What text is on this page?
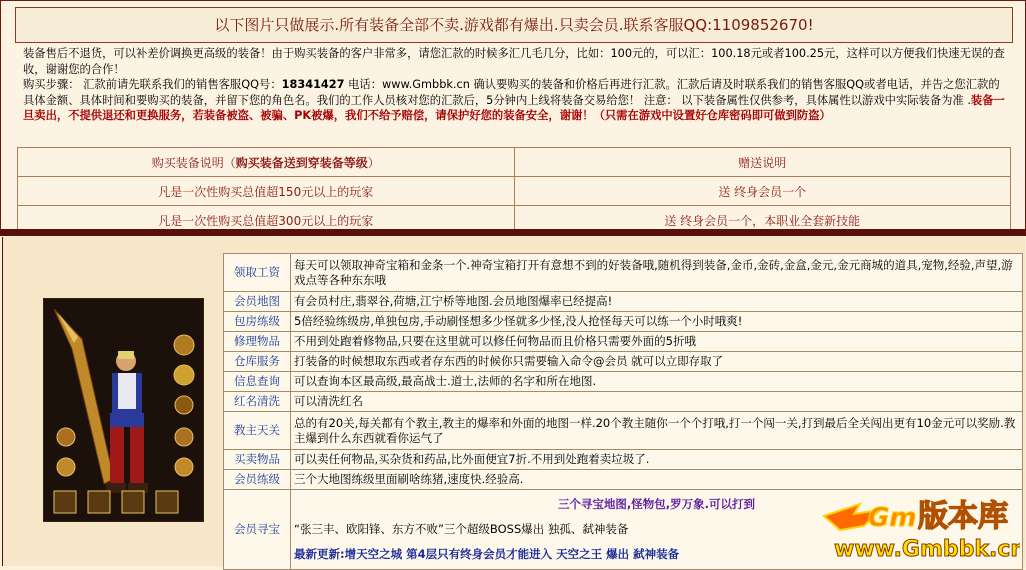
以下图片只做展示.所有装备全部不卖.游戏都有爆出.只卖会员.联系客服QQ:1109852670!
装备售后不退货，可以补差价调换更高级的装备！由于购买装备的客户非常多，请您汇款的时候多汇几毛几分，比如：100元的，可以汇：100.18元或者100.25元，这样可以方便我们快速无误的查收，谢谢您的合作！
购买步骤： 汇款前请先联系我们的销售客服QQ号：18341427 电话：www.Gmbbk.cn 确认要购买的装备和价格后再进行汇款。汇款后请及时联系我们的销售客服QQ或者电话，并告之您汇款的具体金额、具体时间和要购买的装备，并留下您的角色名。我们的工作人员核对您的汇款后，5分钟内上线将装备交易给您！ 注意： 以下装备属性仅供参考，具体属性以游戏中实际装备为准 .装备一旦卖出，不提供退还和更换服务，若装备被盗、被骗、PK被爆，我们不给予赔偿，请保护好您的装备安全，谢谢！（只需在游戏中设置好仓库密码即可做到防盗）
购买装备说明（购买装备送到穿装备等级）	赠送说明
凡是一次性购买总值超150元以上的玩家	送 终身会员一个
凡是一次性购买总值超300元以上的玩家	送 终身会员一个，本职业全套新技能
领取工资	每天可以领取神奇宝箱和金条一个.神奇宝箱打开有意想不到的好装备哦,随机得到装备,金币,金砖,金盒,金元,金元商城的道具,宠物,经验,声望,游戏点等各种东东哦
会员地图	有会员村庄,翡翠谷,荷塘,江宁桥等地图.会员地图爆率已经提高!
包房练级	5倍经验练级房,单独包房,手动刷怪想多少怪就多少怪,没人抢怪每天可以练一个小时哦爽!
修理物品	不用到处跑着修物品,只要在这里就可以修任何物品而且价格只需要外面的5折哦
仓库服务	打装备的时候想取东西或者存东西的时候你只需要输入命令@会员 就可以立即存取了
信息查询	可以查询本区最高级,最高战士.道士,法师的名字和所在地图.
红名清洗	可以清洗红名
教主天关	总的有20关,每关都有个教主,教主的爆率和外面的地图一样.20个教主随你一个个打哦,打一个闯一关,打到最后全关闯出更有10金元可以奖励.教主爆到什么东西就看你运气了
买卖物品	可以卖任何物品,买杂货和药品,比外面便宜7折.不用到处跑着卖垃圾了.
会员练级	三个大地图练级里面刷啥练猪,速度快.经验高.
会员寻宝	三个寻宝地图,怪物包,罗万象.可以打到
“张三丰、欧阳锋、东方不败”三个超级BOSS爆出 独孤、弑神装备
最新更新:增天空之城 第4层只有终身会员才能进入 天空之王 爆出 弑神装备
Gm 版本库
www.Gmbbk.cn
